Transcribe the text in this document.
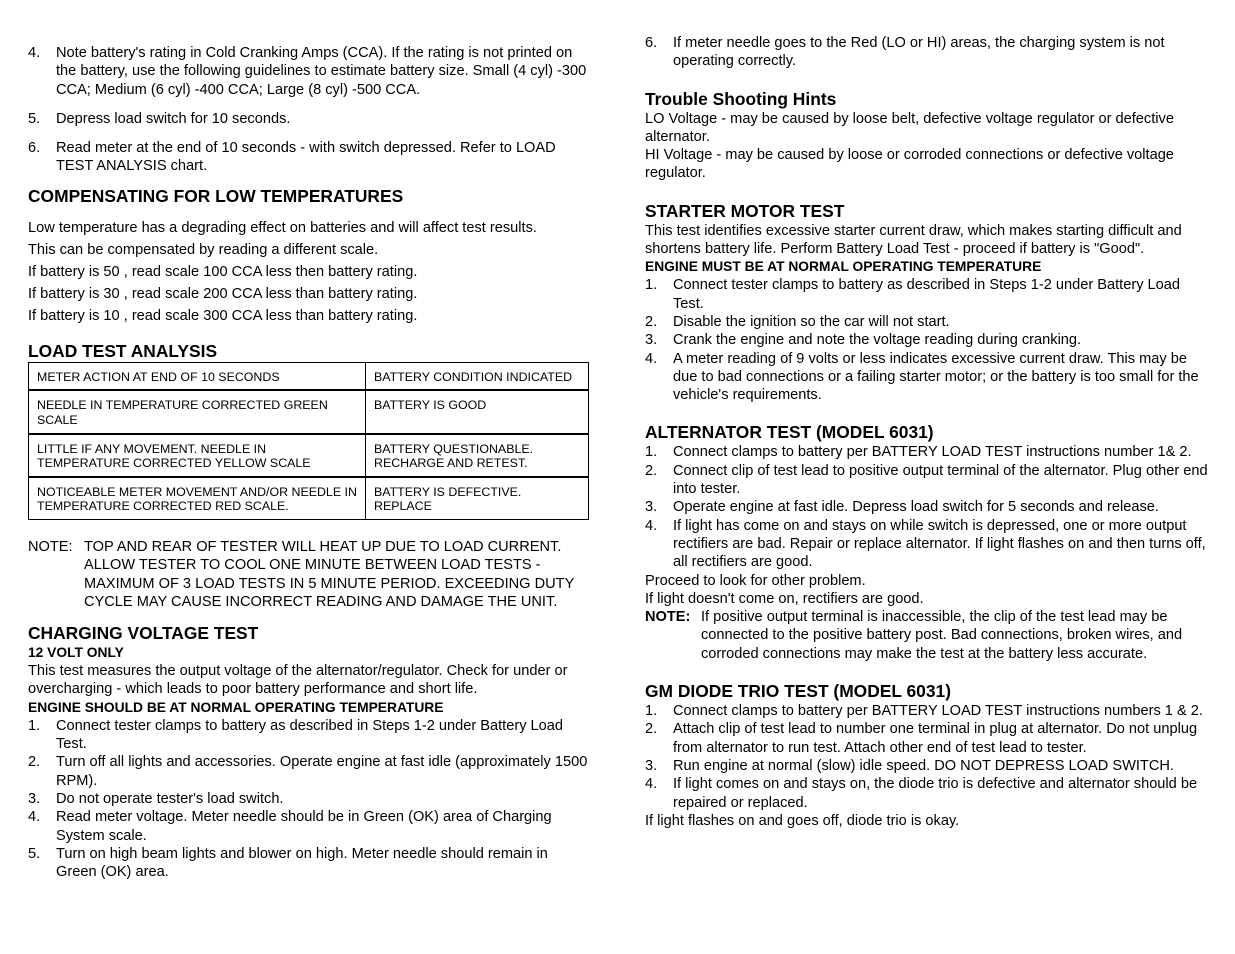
4. Note battery's rating in Cold Cranking Amps (CCA). If the rating is not printed on the battery, use the following guidelines to estimate battery size. Small (4 cyl) -300 CCA; Medium (6 cyl) -400 CCA; Large (8 cyl) -500 CCA.
5. Depress load switch for 10 seconds.
6. Read meter at the end of 10 seconds - with switch depressed. Refer to LOAD TEST ANALYSIS chart.
COMPENSATING FOR LOW TEMPERATURES

Low temperature has a degrading effect on batteries and will affect test results.

This can be compensated by reading a different scale.

If battery is 50 , read scale 100 CCA less then battery rating.

If battery is 30 , read scale 200 CCA less than battery rating.

If battery is 10 , read scale 300 CCA less than battery rating.

LOAD TEST ANALYSIS
METER ACTION AT END OF 10 SECONDS	BATTERY CONDITION INDICATED
NEEDLE IN TEMPERATURE CORRECTED GREEN SCALE	BATTERY IS GOOD
LITTLE IF ANY MOVEMENT. NEEDLE IN TEMPERATURE CORRECTED YELLOW SCALE	BATTERY QUESTIONABLE. RECHARGE AND RETEST.
NOTICEABLE METER MOVEMENT AND/OR NEEDLE IN TEMPERATURE CORRECTED RED SCALE.	BATTERY IS DEFECTIVE. REPLACE
NOTE: TOP AND REAR OF TESTER WILL HEAT UP DUE TO LOAD CURRENT. ALLOW TESTER TO COOL ONE MINUTE BETWEEN LOAD TESTS - MAXIMUM OF 3 LOAD TESTS IN 5 MINUTE PERIOD. EXCEEDING DUTY CYCLE MAY CAUSE INCORRECT READING AND DAMAGE THE UNIT.
CHARGING VOLTAGE TEST

12 VOLT ONLY

This test measures the output voltage of the alternator/regulator. Check for under or overcharging - which leads to poor battery performance and short life.

ENGINE SHOULD BE AT NORMAL OPERATING TEMPERATURE

1. Connect tester clamps to battery as described in Steps 1-2 under Battery Load Test.
2. Turn off all lights and accessories. Operate engine at fast idle (approximately 1500 RPM).
3. Do not operate tester's load switch.
4. Read meter voltage. Meter needle should be in Green (OK) area of Charging System scale.
5. Turn on high beam lights and blower on high. Meter needle should remain in Green (OK) area.
6. If meter needle goes to the Red (LO or HI) areas, the charging system is not operating correctly.
Trouble Shooting Hints

LO Voltage - may be caused by loose belt, defective voltage regulator or defective alternator.

HI Voltage - may be caused by loose or corroded connections or defective voltage regulator.

STARTER MOTOR TEST

This test identifies excessive starter current draw, which makes starting difficult and shortens battery life. Perform Battery Load Test - proceed if battery is "Good".

ENGINE MUST BE AT NORMAL OPERATING TEMPERATURE

1. Connect tester clamps to battery as described in Steps 1-2 under Battery Load Test.
2. Disable the ignition so the car will not start.
3. Crank the engine and note the voltage reading during cranking.
4. A meter reading of 9 volts or less indicates excessive current draw. This may be due to bad connections or a failing starter motor; or the battery is too small for the vehicle's requirements.
ALTERNATOR TEST (MODEL 6031)
1. Connect clamps to battery per BATTERY LOAD TEST instructions number 1& 2.
2. Connect clip of test lead to positive output terminal of the alternator. Plug other end into tester.
3. Operate engine at fast idle. Depress load switch for 5 seconds and release.
4. If light has come on and stays on while switch is depressed, one or more output rectifiers are bad. Repair or replace alternator. If light flashes on and then turns off, all rectifiers are good.

Proceed to look for other problem.

If light doesn't come on, rectifiers are good.

NOTE: If positive output terminal is inaccessible, the clip of the test lead may be connected to the positive battery post. Bad connections, broken wires, and corroded connections may make the test at the battery less accurate.
GM DIODE TRIO TEST (MODEL 6031)
1. Connect clamps to battery per BATTERY LOAD TEST instructions numbers 1 & 2.
2. Attach clip of test lead to number one terminal in plug at alternator. Do not unplug from alternator to run test. Attach other end of test lead to tester.
3. Run engine at normal (slow) idle speed. DO NOT DEPRESS LOAD SWITCH.
4. If light comes on and stays on, the diode trio is defective and alternator should be repaired or replaced.

If light flashes on and goes off, diode trio is okay.
